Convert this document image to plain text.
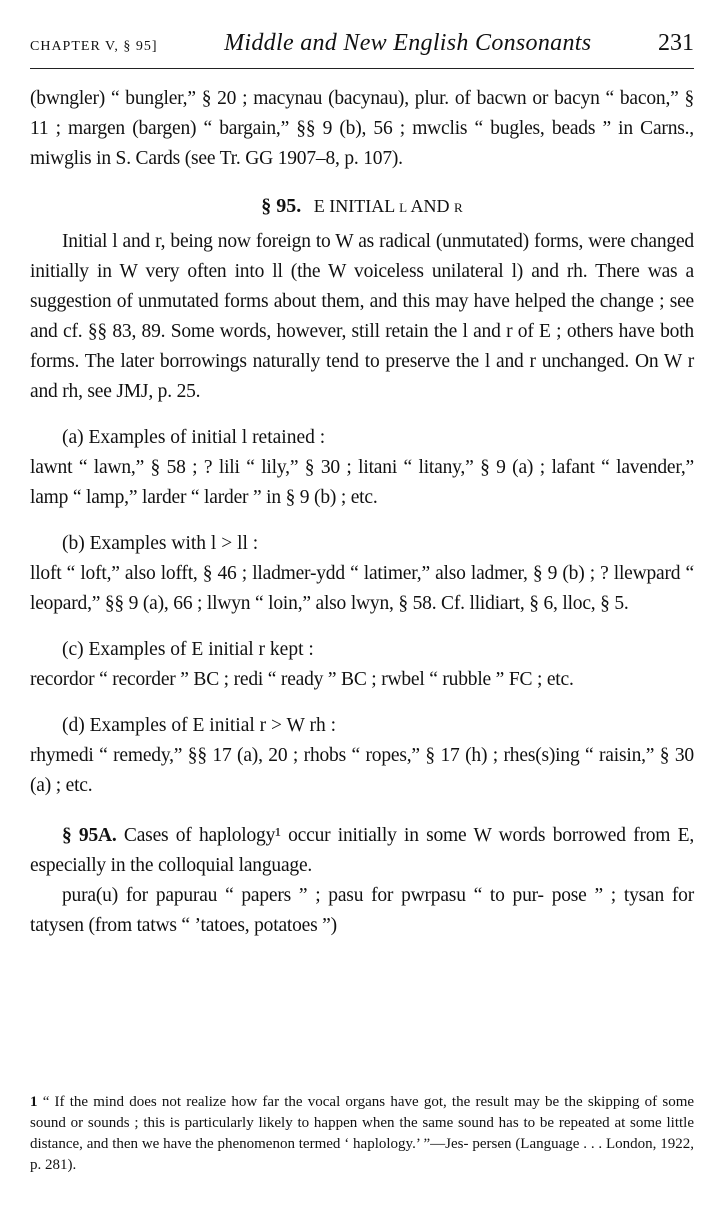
CHAPTER V, § 95]	Middle and New English Consonants	231

(bwngler) “ bungler,” § 20 ; macynau (bacynau), plur. of bacwn or bacyn “ bacon,” § 11 ; margen (bargen) “ bargain,” §§ 9 (b), 56 ; mwclis “ bugles, beads ” in Carns., miwglis in S. Cards (see Tr. GG 1907–8, p. 107).

§ 95. E INITIAL l AND r

Initial l and r, being now foreign to W as radical (unmutated) forms, were changed initially in W very often into ll (the W voiceless unilateral l) and rh. There was a suggestion of unmutated forms about them, and this may have helped the change ; see and cf. §§ 83, 89. Some words, however, still retain the l and r of E ; others have both forms. The later borrowings naturally tend to preserve the l and r unchanged. On W r and rh, see JMJ, p. 25.

(a) Examples of initial l retained :

lawnt “ lawn,” § 58 ; ? lili “ lily,” § 30 ; litani “ litany,” § 9 (a) ; lafant “ lavender,” lamp “ lamp,” larder “ larder ” in § 9 (b) ; etc.

(b) Examples with l > ll :

lloft “ loft,” also lofft, § 46 ; lladmer-ydd “ latimer,” also ladmer, § 9 (b) ; ? llewpard “ leopard,” §§ 9 (a), 66 ; llwyn “ loin,” also lwyn, § 58. Cf. llidiart, § 6, lloc, § 5.

(c) Examples of E initial r kept :

recordor “ recorder ” BC ; redi “ ready ” BC ; rwbel “ rubble ” FC ; etc.

(d) Examples of E initial r > W rh :

rhymedi “ remedy,” §§ 17 (a), 20 ; rhobs “ ropes,” § 17 (h) ; rhes(s)ing “ raisin,” § 30 (a) ; etc.

§ 95A. Cases of haplology¹ occur initially in some W words borrowed from E, especially in the colloquial language.

pura(u) for papurau “ papers ” ; pasu for pwrpasu “ to pur- pose ” ; tysan for tatysen (from tatws “ ’tatoes, potatoes ”)

1 “ If the mind does not realize how far the vocal organs have got, the result may be the skipping of some sound or sounds ; this is particularly likely to happen when the same sound has to be repeated at some little distance, and then we have the phenomenon termed ‘ haplology.’ ”—Jes- persen (Language . . . London, 1922, p. 281).
